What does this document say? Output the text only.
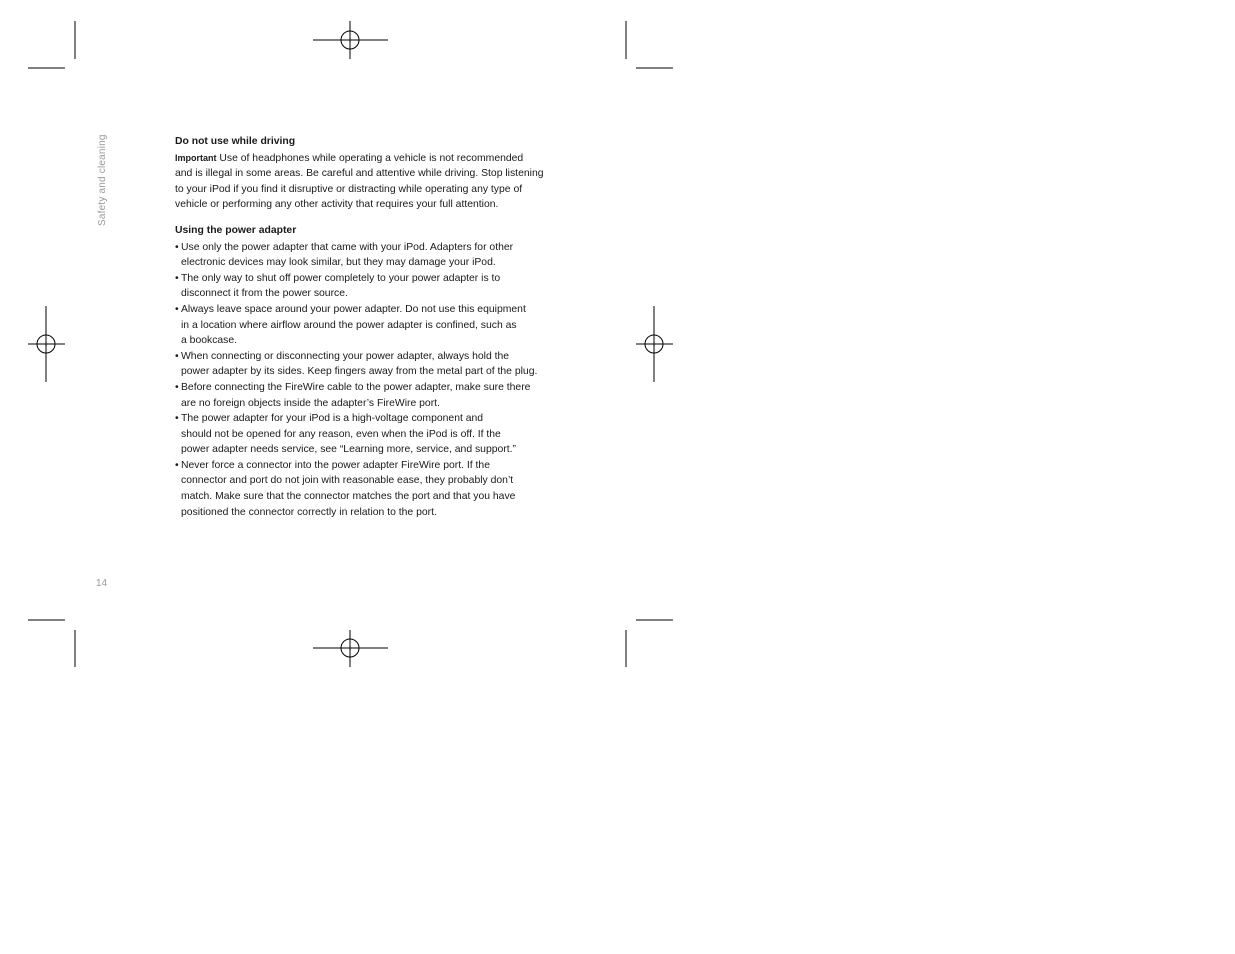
Safety and cleaning
14
Do not use while driving
Important Use of headphones while operating a vehicle is not recommended
and is illegal in some areas. Be careful and attentive while driving. Stop listening
to your iPod if you find it disruptive or distracting while operating any type of
vehicle or performing any other activity that requires your full attention.
Using the power adapter
• Use only the power adapter that came with your iPod. Adapters for other
electronic devices may look similar, but they may damage your iPod.
• The only way to shut off power completely to your power adapter is to
disconnect it from the power source.
• Always leave space around your power adapter. Do not use this equipment
in a location where airflow around the power adapter is confined, such as
a bookcase.
• When connecting or disconnecting your power adapter, always hold the
power adapter by its sides. Keep fingers away from the metal part of the plug.
• Before connecting the FireWire cable to the power adapter, make sure there
are no foreign objects inside the adapter’s FireWire port.
• The power adapter for your iPod is a high-voltage component and
should not be opened for any reason, even when the iPod is off. If the
power adapter needs service, see “Learning more, service, and support.”
• Never force a connector into the power adapter FireWire port. If the
connector and port do not join with reasonable ease, they probably don’t
match. Make sure that the connector matches the port and that you have
positioned the connector correctly in relation to the port.
